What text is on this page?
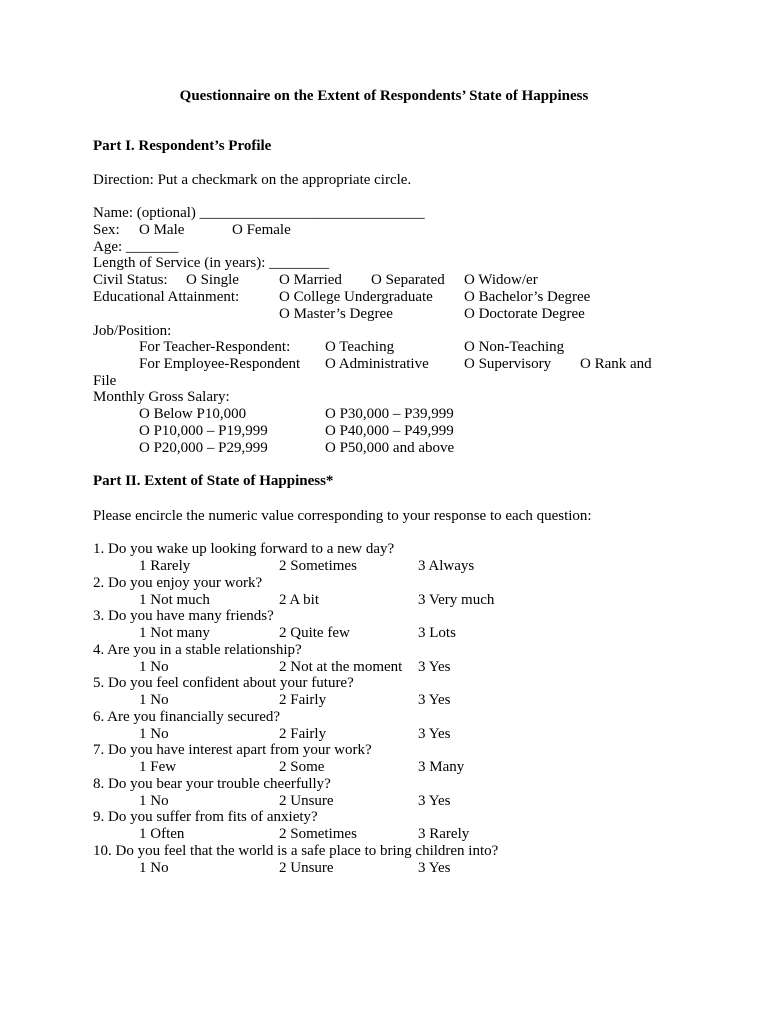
Questionnaire on the Extent of Respondents’ State of Happiness
Part I. Respondent’s Profile
Direction: Put a checkmark on the appropriate circle.
Name: (optional) ______________________________
Sex: O Male	O Female
Age: _______
Length of Service (in years): ________
Civil Status: O Single	O Married O Separated O Widow/er
Educational Attainment:	O College Undergraduate O Bachelor’s Degree
O Master’s Degree	O Doctorate Degree
Job/Position:
For Teacher-Respondent: O Teaching	O Non-Teaching
For Employee-Respondent O Administrative O Supervisory O Rank and
File
Monthly Gross Salary:
O Below P10,000	O P30,000 – P39,999
O P10,000 – P19,999	O P40,000 – P49,999
O P20,000 – P29,999	O P50,000 and above
Part II. Extent of State of Happiness*
Please encircle the numeric value corresponding to your response to each question:
1. Do you wake up looking forward to a new day?
1 Rarely	2 Sometimes	3 Always
2. Do you enjoy your work?
1 Not much	2 A bit	3 Very much
3. Do you have many friends?
1 Not many	2 Quite few	3 Lots
4. Are you in a stable relationship?
1 No	2 Not at the moment 3 Yes
5. Do you feel confident about your future?
1 No	2 Fairly	3 Yes
6. Are you financially secured?
1 No	2 Fairly	3 Yes
7. Do you have interest apart from your work?
1 Few	2 Some	3 Many
8. Do you bear your trouble cheerfully?
1 No	2 Unsure	3 Yes
9. Do you suffer from fits of anxiety?
1 Often	2 Sometimes	3 Rarely
10. Do you feel that the world is a safe place to bring children into?
1 No	2 Unsure	3 Yes
